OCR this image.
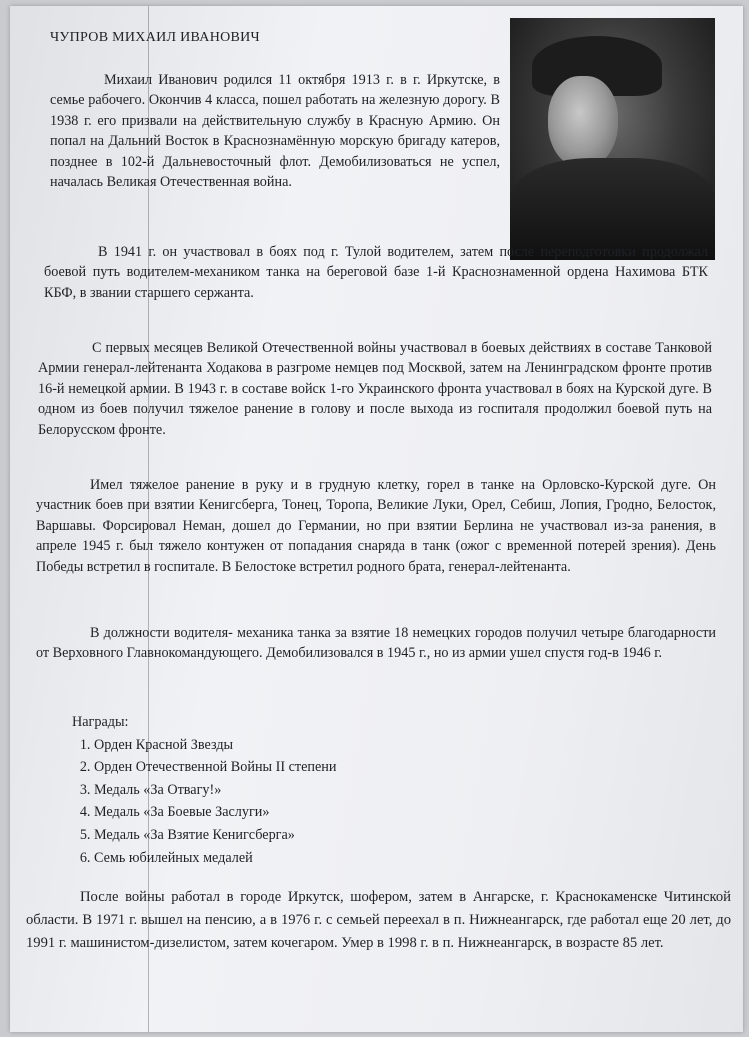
ЧУПРОВ МИХАИЛ ИВАНОВИЧ

Михаил Иванович родился 11 октября 1913 г. в г. Иркутске, в семье рабочего. Окончив 4 класса, пошел работать на железную дорогу. В 1938 г. его призвали на действительную службу в Красную Армию. Он попал на Дальний Восток в Краснознамённую морскую бригаду катеров, позднее в 102-й Дальневосточный флот. Демобилизоваться не успел, началась Великая Отечественная война.

В 1941 г. он участвовал в боях под г. Тулой водителем, затем после переподготовки продолжал боевой путь водителем-механиком танка на береговой базе 1-й Краснознаменной ордена Нахимова БТК КБФ, в звании старшего сержанта.

С первых месяцев Великой Отечественной войны участвовал в боевых действиях в составе Танковой Армии генерал-лейтенанта Ходакова в разгроме немцев под Москвой, затем на Ленинградском фронте против 16-й немецкой армии. В 1943 г. в составе войск 1-го Украинского фронта участвовал в боях на Курской дуге. В одном из боев получил тяжелое ранение в голову и после выхода из госпиталя продолжил боевой путь на Белорусском фронте.

Имел тяжелое ранение в руку и в грудную клетку, горел в танке на Орловско-Курской дуге. Он участник боев при взятии Кенигсберга, Тонец, Торопа, Великие Луки, Орел, Себиш, Лопия, Гродно, Белосток, Варшавы. Форсировал Неман, дошел до Германии, но при взятии Берлина не участвовал из-за ранения, в апреле 1945 г. был тяжело контужен от попадания снаряда в танк (ожог с временной потерей зрения). День Победы встретил в госпитале. В Белостоке встретил родного брата, генерал-лейтенанта.

В должности водителя- механика танка за взятие 18 немецких городов получил четыре благодарности от Верховного Главнокомандующего. Демобилизовался в 1945 г., но из армии ушел спустя год-в 1946 г.

Награды:
1. Орден Красной Звезды
2. Орден Отечественной Войны II степени
3. Медаль «За Отвагу!»
4. Медаль «За Боевые Заслуги»
5. Медаль «За Взятие Кенигсберга»
6. Семь юбилейных медалей

После войны работал в городе Иркутск, шофером, затем в Ангарске, г. Краснокаменске Читинской области. В 1971 г. вышел на пенсию, а в 1976 г. с семьей переехал в п. Нижнеангарск, где работал еще 20 лет, до 1991 г. машинистом-дизелистом, затем кочегаром. Умер в 1998 г. в п. Нижнеангарск, в возрасте 85 лет.
